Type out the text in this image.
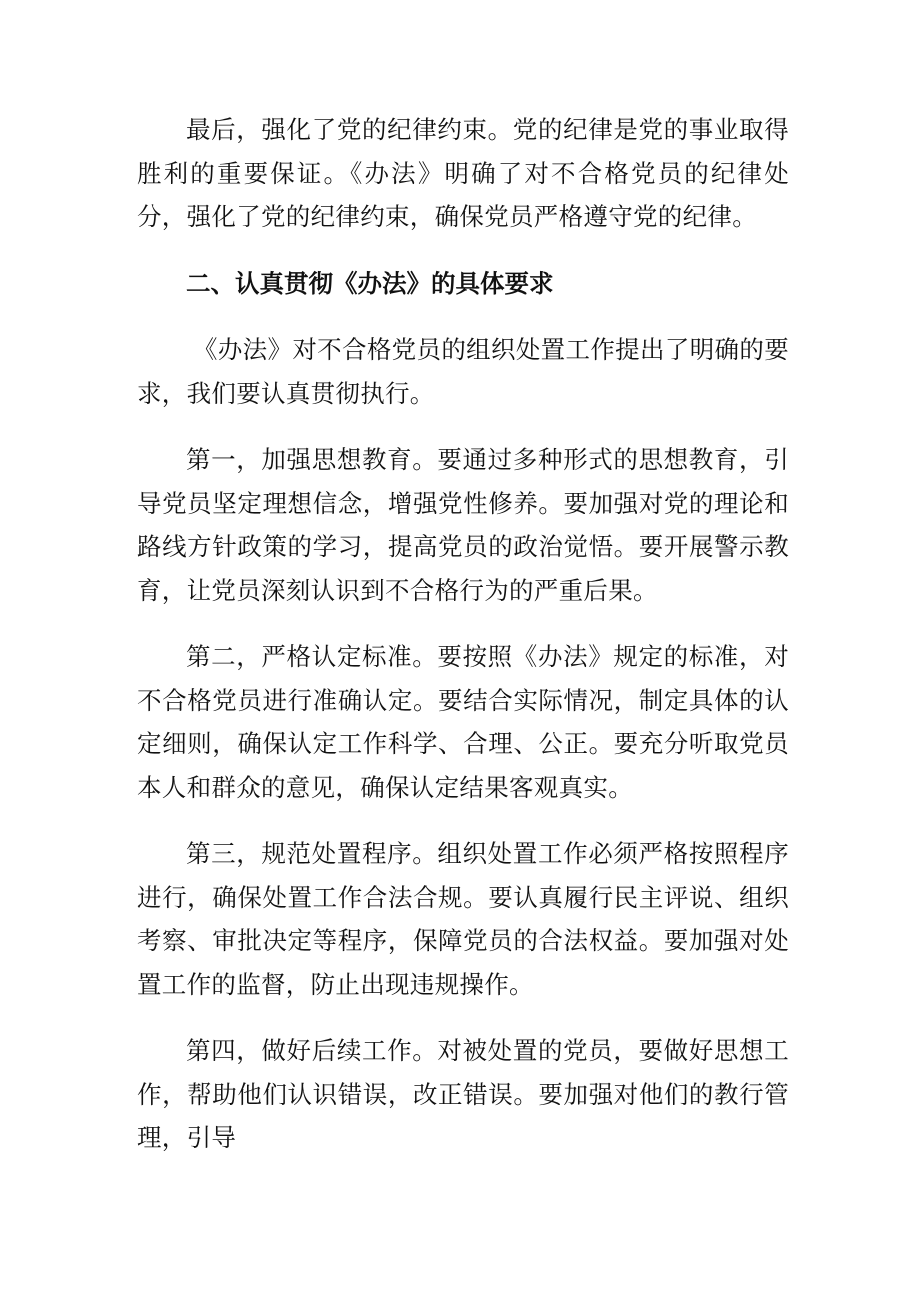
最后，强化了党的纪律约束。党的纪律是党的事业取得胜利的重要保证。《办法》明确了对不合格党员的纪律处分，强化了党的纪律约束，确保党员严格遵守党的纪律。

二、认真贯彻《办法》的具体要求

《办法》对不合格党员的组织处置工作提出了明确的要求，我们要认真贯彻执行。

第一，加强思想教育。要通过多种形式的思想教育，引导党员坚定理想信念，增强党性修养。要加强对党的理论和路线方针政策的学习，提高党员的政治觉悟。要开展警示教育，让党员深刻认识到不合格行为的严重后果。

第二，严格认定标准。要按照《办法》规定的标准，对不合格党员进行准确认定。要结合实际情况，制定具体的认定细则，确保认定工作科学、合理、公正。要充分听取党员本人和群众的意见，确保认定结果客观真实。

第三，规范处置程序。组织处置工作必须严格按照程序进行，确保处置工作合法合规。要认真履行民主评说、组织考察、审批决定等程序，保障党员的合法权益。要加强对处置工作的监督，防止出现违规操作。

第四，做好后续工作。对被处置的党员，要做好思想工作，帮助他们认识错误，改正错误。要加强对他们的教行管理，引导
